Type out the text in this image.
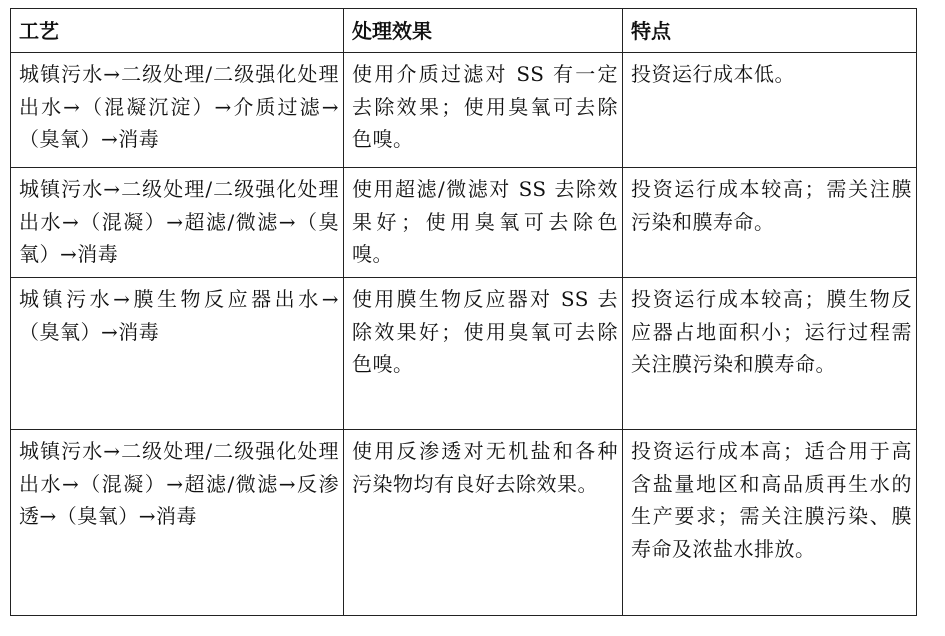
工艺	处理效果	特点
城镇污水→二级处理/二级强化处理出水→（混凝沉淀）→介质过滤→（臭氧）→消毒	使用介质过滤对 SS 有一定去除效果；使用臭氧可去除色嗅。	投资运行成本低。
城镇污水→二级处理/二级强化处理出水→（混凝）→超滤/微滤→（臭氧）→消毒	使用超滤/微滤对 SS 去除效果好；使用臭氧可去除色嗅。	投资运行成本较高；需关注膜污染和膜寿命。
城镇污水→膜生物反应器出水→（臭氧）→消毒	使用膜生物反应器对 SS 去除效果好；使用臭氧可去除色嗅。	投资运行成本较高；膜生物反应器占地面积小；运行过程需关注膜污染和膜寿命。
城镇污水→二级处理/二级强化处理出水→（混凝）→超滤/微滤→反渗透→（臭氧）→消毒	使用反渗透对无机盐和各种污染物均有良好去除效果。	投资运行成本高；适合用于高含盐量地区和高品质再生水的生产要求；需关注膜污染、膜寿命及浓盐水排放。
